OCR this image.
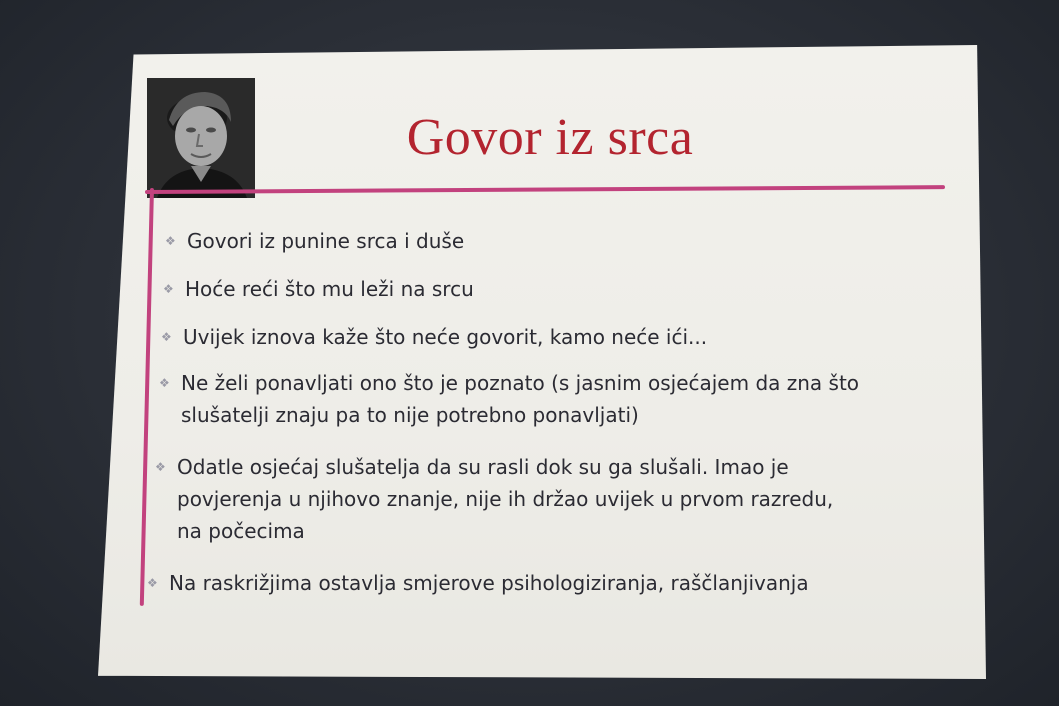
Govor iz srca
❖ Govori iz punine srca i duše
❖ Hoće reći što mu leži na srcu
❖ Uvijek iznova kaže što neće govorit, kamo neće ići...
❖ Ne želi ponavljati ono što je poznato (s jasnim osjećajem da zna što
slušatelji znaju pa to nije potrebno ponavljati)
❖ Odatle osjećaj slušatelja da su rasli dok su ga slušali. Imao je
povjerenja u njihovo znanje, nije ih držao uvijek u prvom razredu,
na počecima
❖ Na raskrižjima ostavlja smjerove psihologiziranja, raščlanjivanja
